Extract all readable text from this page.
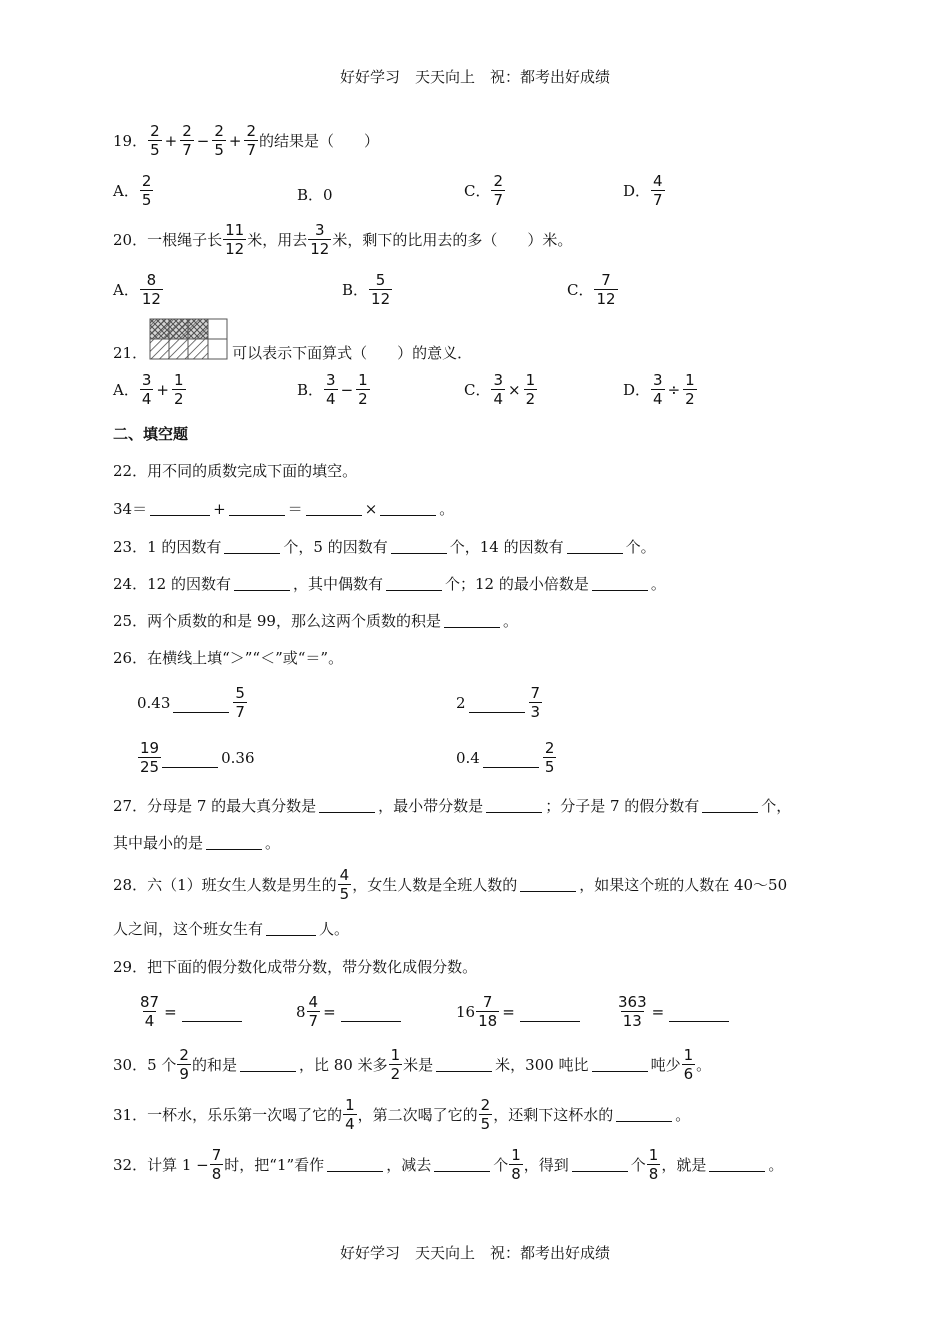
好好学习　天天向上　祝：都考出好成绩
19． $\frac{2}{5} + \frac{2}{7} - \frac{2}{5} + \frac{2}{7}$ 的结果是（　　）
A． $\frac{2}{5}$	B．0	C． $\frac{2}{7}$	D． $\frac{4}{7}$
20． 一根绳子长 $\frac{11}{12}$ 米，用去 $\frac{3}{12}$ 米，剩下的比用去的多（　　）米。
A． $\frac{8}{12}$	B． $\frac{5}{12}$	C． $\frac{7}{12}$
21．	可以表示下面算式（　　）的意义．
A． $\frac{3}{4} + \frac{1}{2}$	B． $\frac{3}{4} - \frac{1}{2}$	C． $\frac{3}{4} \times \frac{1}{2}$	D． $\frac{3}{4} \div \frac{1}{2}$
二、填空题
22．用不同的质数完成下面的填空。
34＝	+	＝	×	。
23．1 的因数有	个，5 的因数有	个，14 的因数有	个。
24．12 的因数有	，其中偶数有	个；12 的最小倍数是	。
25．两个质数的和是 99，那么这两个质数的积是	。
26．在横线上填“＞”“＜”或“＝”。
0.43	$\frac{5}{7}$	2	$\frac{7}{3}$
$\frac{19}{25}$	0.36	0.4	$\frac{2}{5}$
27．分母是 7 的最大真分数是	，最小带分数是	；分子是 7 的假分数有	个，
其中最小的是	。
28．六（1）班女生人数是男生的 $\frac{4}{5}$ ，女生人数是全班人数的	，如果这个班的人数在 40～50
人之间，这个班女生有	人。
29．把下面的假分数化成带分数，带分数化成假分数。
$\frac{87}{4}$ =	$8 \frac{4}{7}$ =	$16 \frac{7}{18}$ =	$\frac{363}{13}$ =
30．5 个 $\frac{2}{9}$ 的和是	，比 80 米多 $\frac{1}{2}$ 米是	米，300 吨比	吨少 $\frac{1}{6}$ 。
31．一杯水，乐乐第一次喝了它的 $\frac{1}{4}$ ，第二次喝了它的 $\frac{2}{5}$ ，还剩下这杯水的	。
32．计算 $1 - \frac{7}{8}$ 时，把“1”看作	，减去	个 $\frac{1}{8}$ ，得到	个 $\frac{1}{8}$ ，就是	。
好好学习　天天向上　祝：都考出好成绩
